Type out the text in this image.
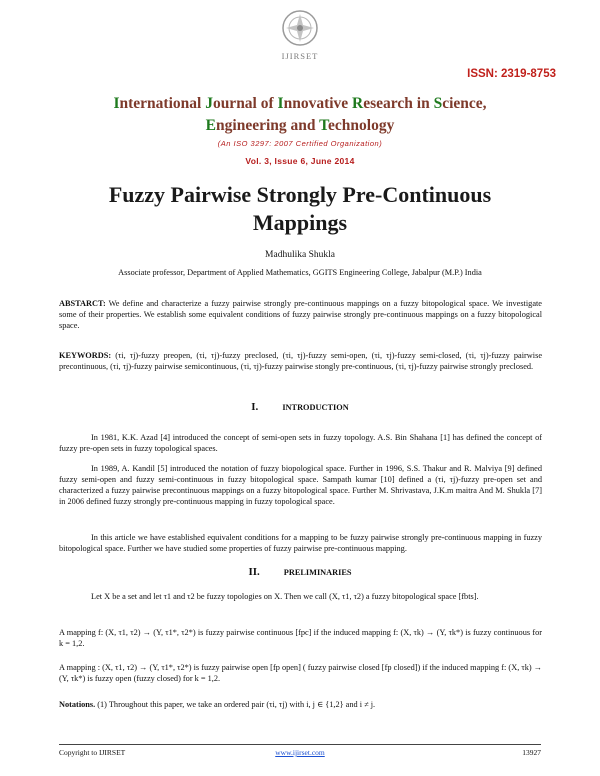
IJIRSET
ISSN: 2319-8753
International Journal of Innovative Research in Science,
Engineering and Technology
(An ISO 3297: 2007 Certified Organization)
Vol. 3, Issue 6, June 2014
Fuzzy Pairwise Strongly Pre-Continuous Mappings
Madhulika Shukla
Associate professor, Department of Applied Mathematics, GGITS Engineering College, Jabalpur (M.P.) India
ABSTARCT: We define and characterize a fuzzy pairwise strongly pre-continuous mappings on a fuzzy bitopological space. We investigate some of their properties. We establish some equivalent conditions of fuzzy pairwise strongly pre-continuous mappings on a fuzzy bitopological space.
KEYWORDS: (τi, τj)-fuzzy preopen, (τi, τj)-fuzzy preclosed, (τi, τj)-fuzzy semi-open, (τi, τj)-fuzzy semi-closed, (τi, τj)-fuzzy pairwise precontinuous, (τi, τj)-fuzzy pairwise semicontinuous, (τi, τj)-fuzzy pairwise stongly pre-continuous, (τi, τj)-fuzzy pairwise strongly preclosed.
I.	INTRODUCTION
In 1981, K.K. Azad [4] introduced the concept of semi-open sets in fuzzy topology. A.S. Bin Shahana [1] has defined the concept of fuzzy pre-open sets in fuzzy topological spaces.
In 1989, A. Kandil [5] introduced the notation of fuzzy biopological space. Further in 1996, S.S. Thakur and R. Malviya [9] defined fuzzy semi-open and fuzzy semi-continuous in fuzzy bitopological space. Sampath kumar [10] defined a (τi, τj)-fuzzy pre-open set and characterized a fuzzy pairwise precontinuous mappings on a fuzzy bitopological space. Further M. Shrivastava, J.K.m maitra And M. Shukla [7] in 2006 defined fuzzy strongly pre-continuous mapping in fuzzy topological space.
In this article we have established equivalent conditions for a mapping to be fuzzy pairwise strongly pre-continuous mapping in fuzzy bitopological space. Further we have studied some properties of fuzzy pairwise pre-continuous mapping.
II.	PRELIMINARIES
Let X be a set and let τ1 and τ2 be fuzzy topologies on X. Then we call (X, τ1, τ2) a fuzzy bitopological space [fbts].
A mapping f: (X, τ1, τ2) → (Y, τ1*, τ2*) is fuzzy pairwise continuous [fpc] if the induced mapping f: (X, τk) → (Y, τk*) is fuzzy continuous for k = 1,2.
A mapping : (X, τ1, τ2) → (Y, τ1*, τ2*) is fuzzy pairwise open [fp open] ( fuzzy pairwise closed [fp closed]) if the induced mapping f: (X, τk) → (Y, τk*) is fuzzy open (fuzzy closed) for k = 1,2.
Notations. (1) Throughout this paper, we take an ordered pair (τi, τj) with i, j ∈ {1,2} and i ≠ j.
Copyright to IJIRSET	www.ijirset.com	13927
